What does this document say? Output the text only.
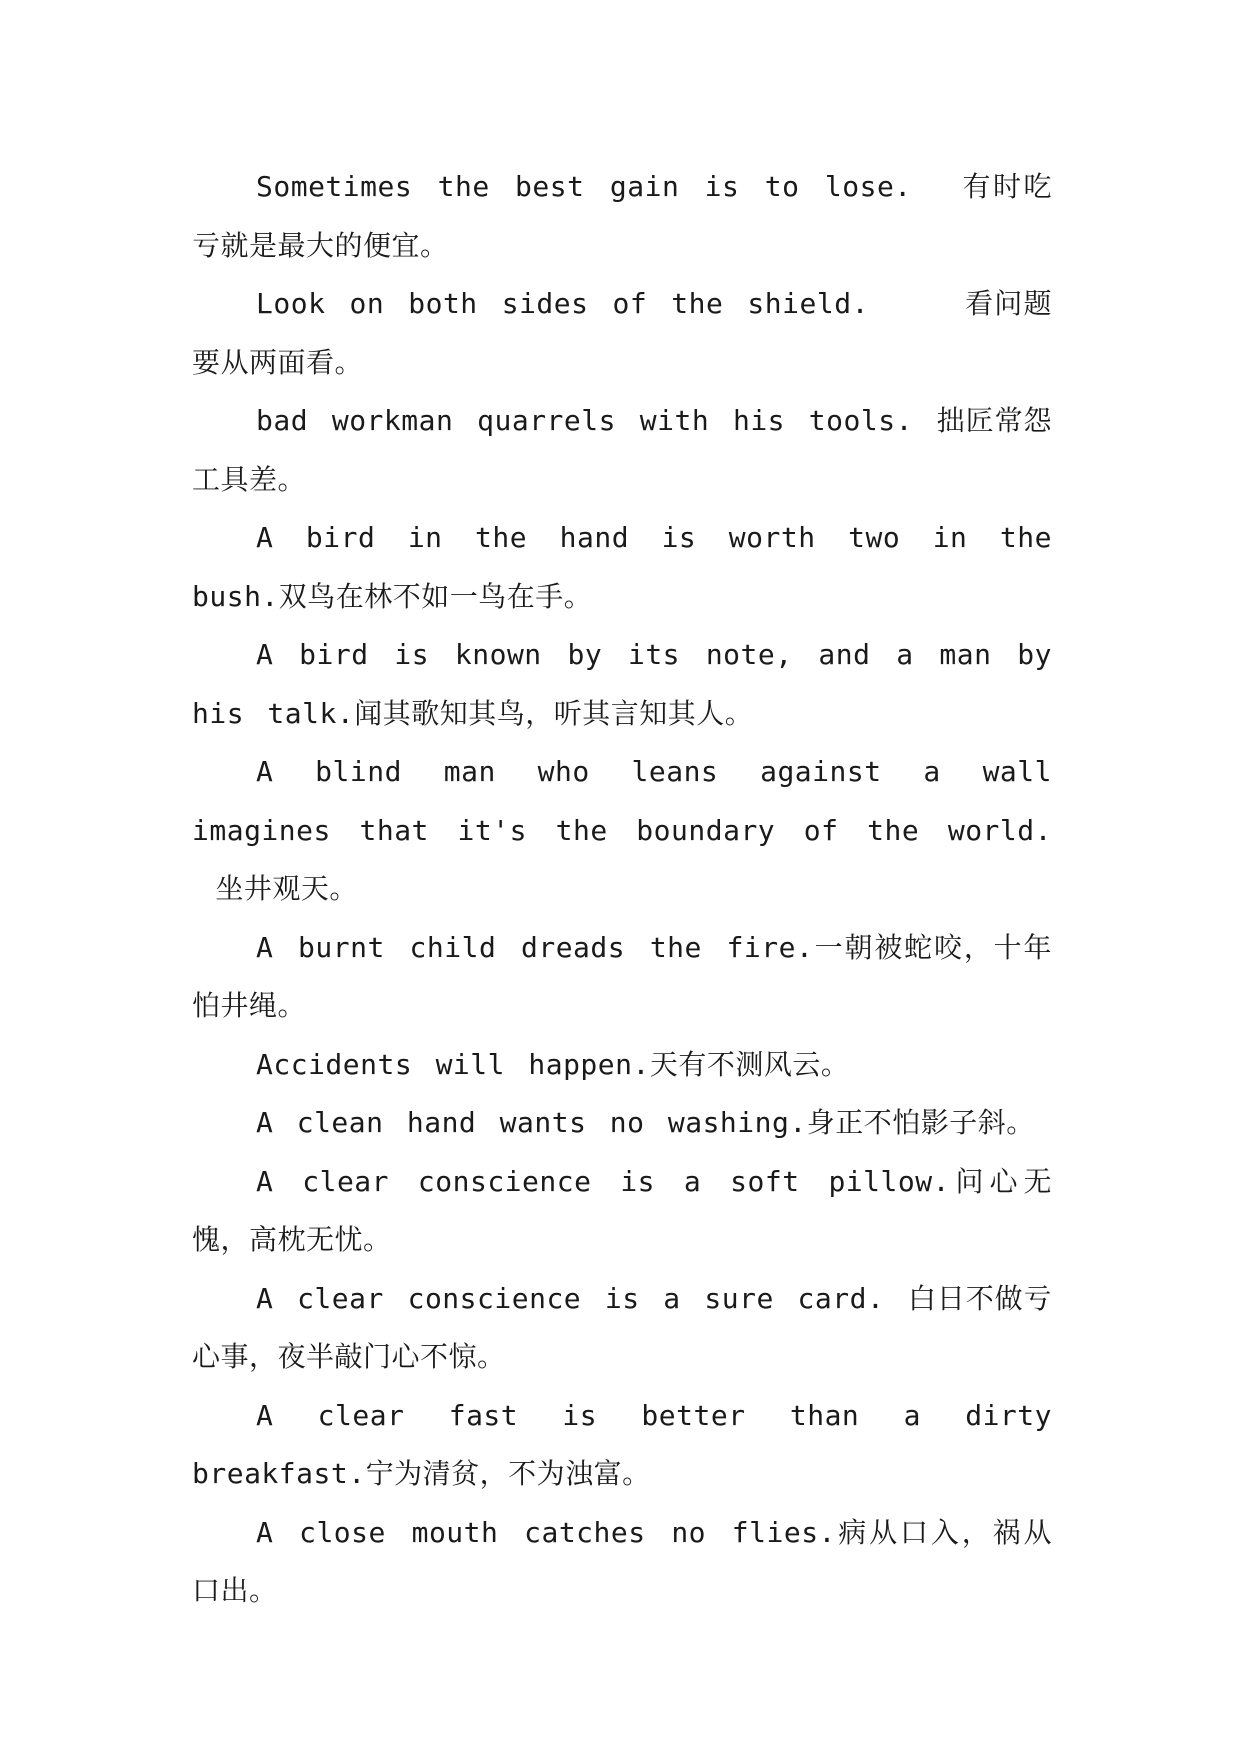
Sometimes the best gain is to lose. 有时吃亏就是最大的便宜。

Look on both sides of the shield.	看问题要从两面看。

bad workman quarrels with his tools. 拙匠常怨工具差。

A bird in the hand is worth two in the bush.双鸟在林不如一鸟在手。

A bird is known by its note, and a man by his talk.闻其歌知其鸟，听其言知其人。

A blind man who leans against a wall imagines that it's the boundary of the world. 坐井观天。

A burnt child dreads the fire.一朝被蛇咬，十年怕井绳。

Accidents will happen.天有不测风云。

A clean hand wants no washing.身正不怕影子斜。

A clear conscience is a soft pillow.问心无愧，高枕无忧。

A clear conscience is a sure card. 白日不做亏心事，夜半敲门心不惊。

A clear fast is better than a dirty breakfast.宁为清贫，不为浊富。

A close mouth catches no flies.病从口入，祸从口出。
